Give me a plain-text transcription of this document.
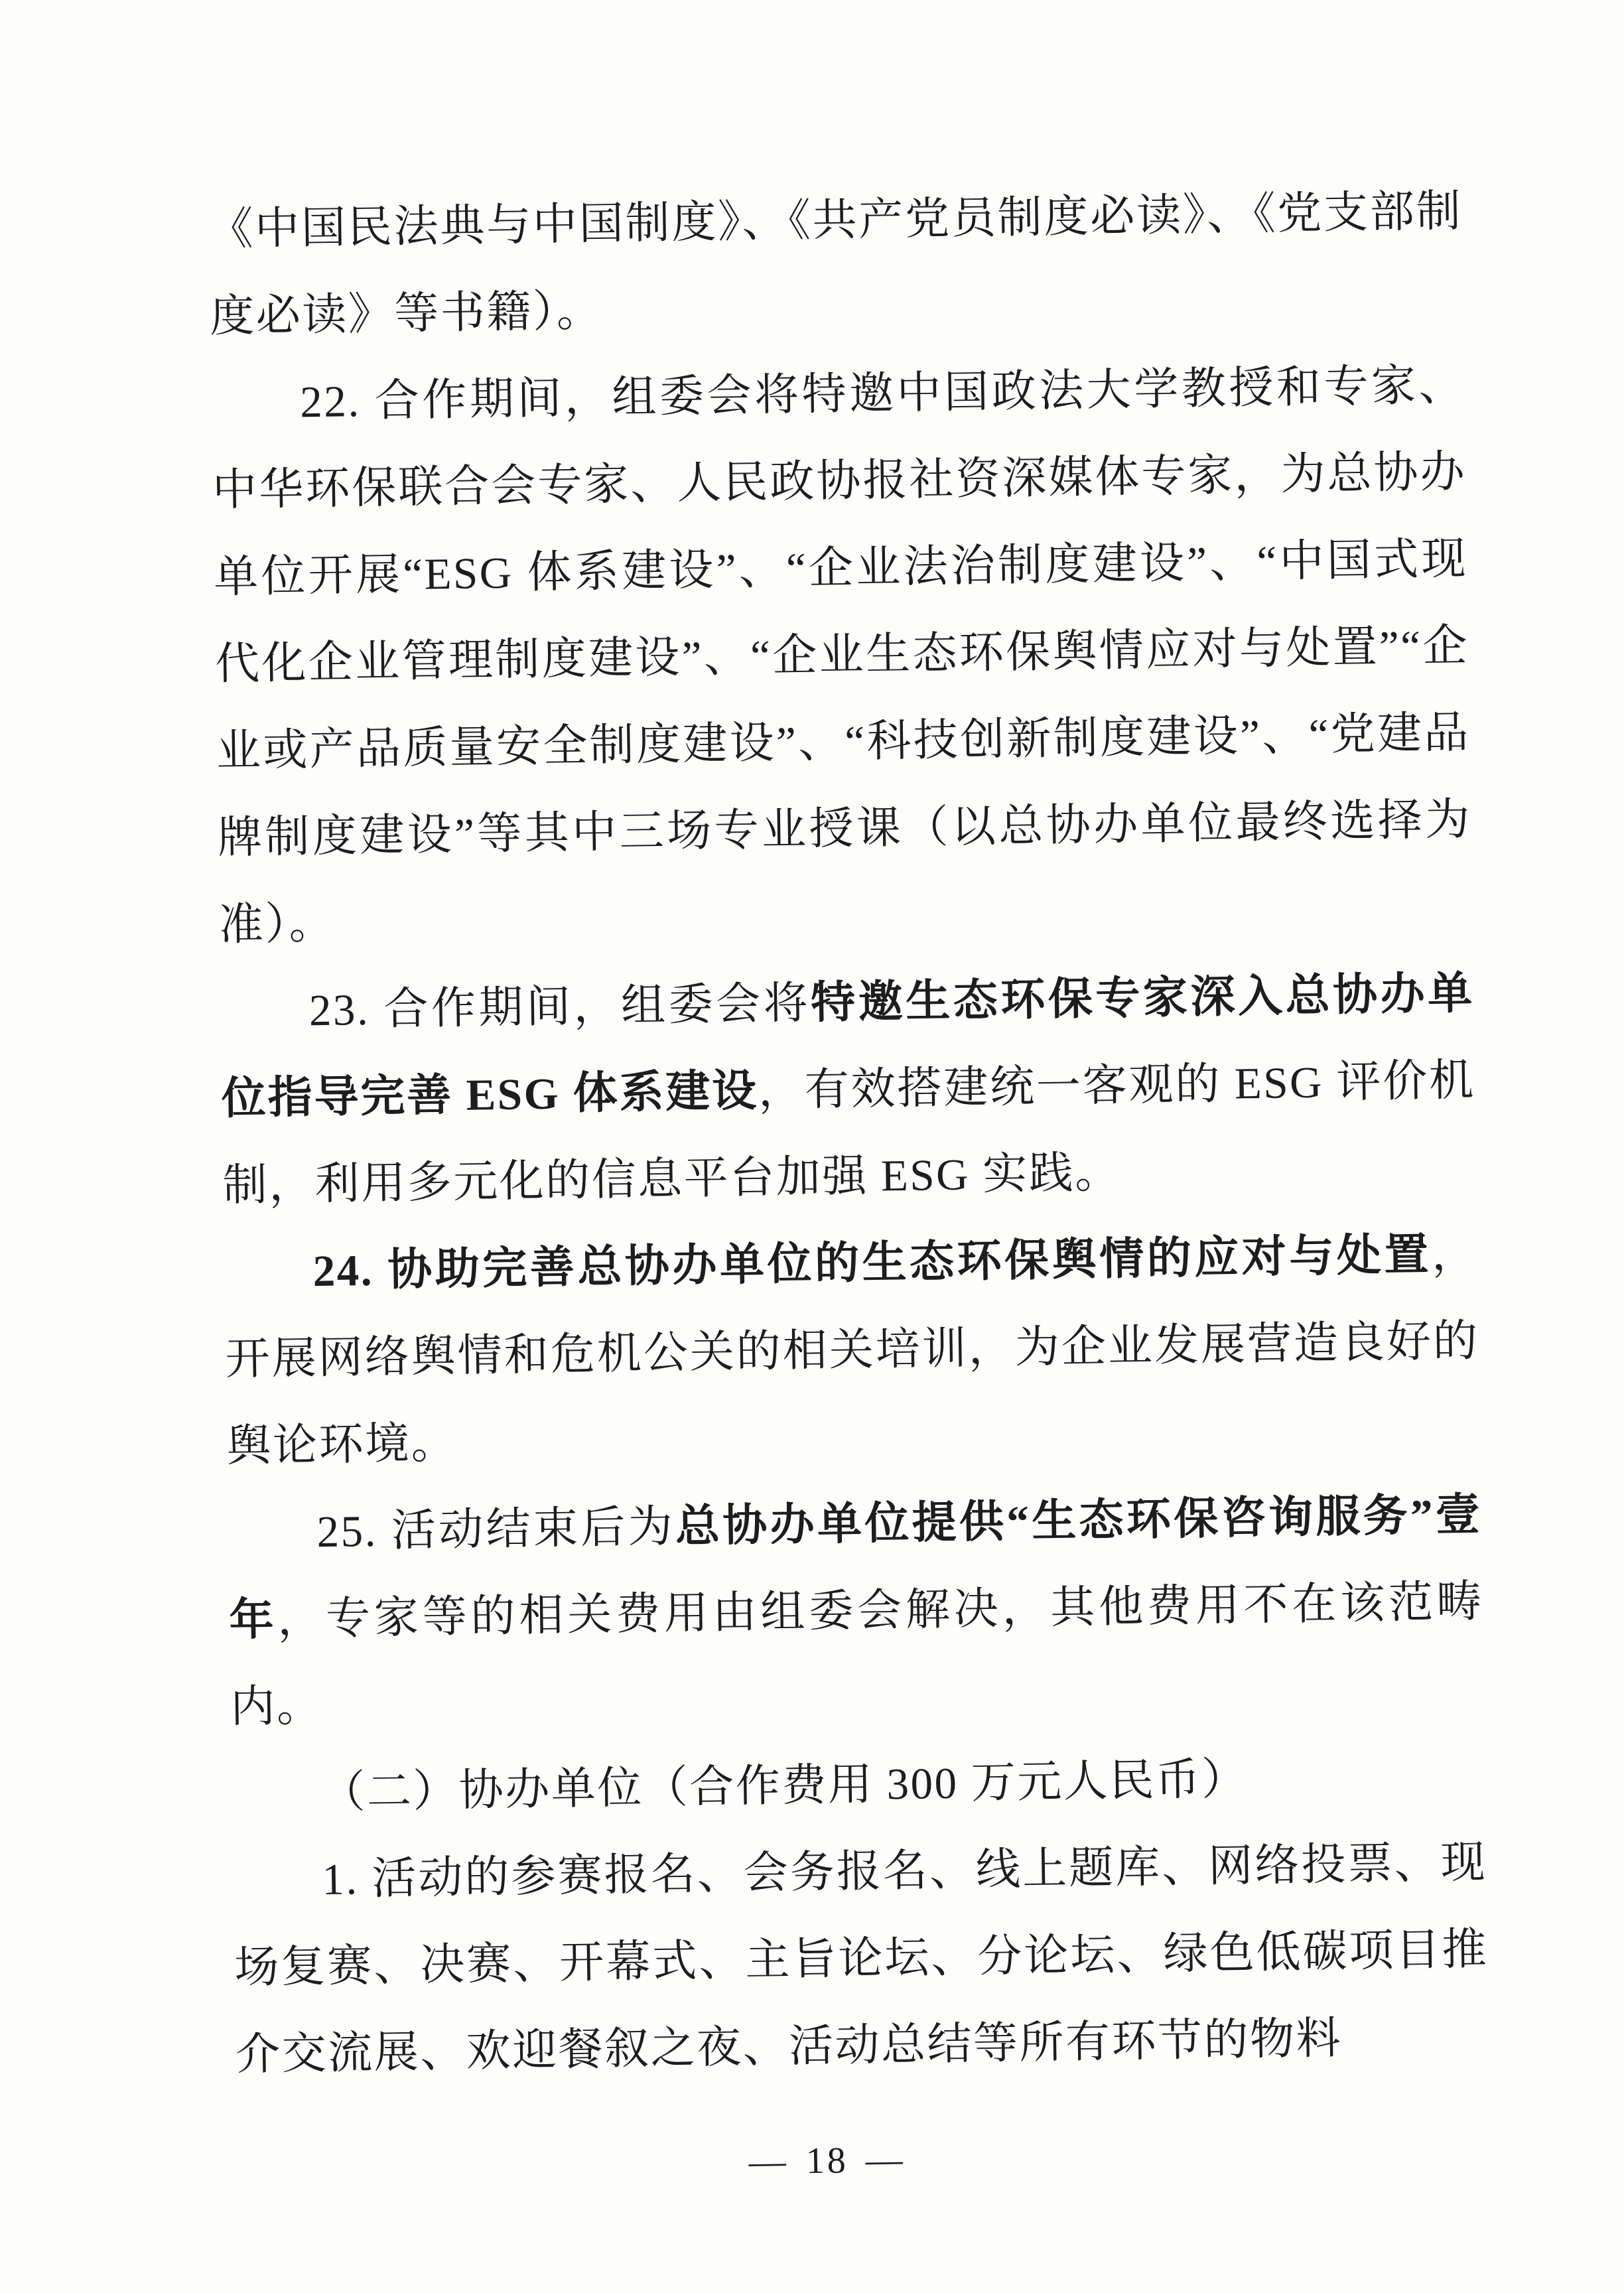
《中国民法典与中国制度》、《共产党员制度必读》、《党支部制度必读》等书籍）。

22. 合作期间，组委会将特邀中国政法大学教授和专家、中华环保联合会专家、人民政协报社资深媒体专家，为总协办单位开展“ESG 体系建设”、“企业法治制度建设”、“中国式现代化企业管理制度建设”、“企业生态环保舆情应对与处置”“企业或产品质量安全制度建设”、“科技创新制度建设”、“党建品牌制度建设”等其中三场专业授课（以总协办单位最终选择为准）。

23. 合作期间，组委会将特邀生态环保专家深入总协办单位指导完善 ESG 体系建设，有效搭建统一客观的 ESG 评价机制，利用多元化的信息平台加强 ESG 实践。

24. 协助完善总协办单位的生态环保舆情的应对与处置，开展网络舆情和危机公关的相关培训，为企业发展营造良好的舆论环境。

25. 活动结束后为总协办单位提供“生态环保咨询服务”壹年，专家等的相关费用由组委会解决，其他费用不在该范畴内。

（二）协办单位（合作费用 300 万元人民币）

1. 活动的参赛报名、会务报名、线上题库、网络投票、现场复赛、决赛、开幕式、主旨论坛、分论坛、绿色低碳项目推介交流展、欢迎餐叙之夜、活动总结等所有环节的物料

— 18 —
